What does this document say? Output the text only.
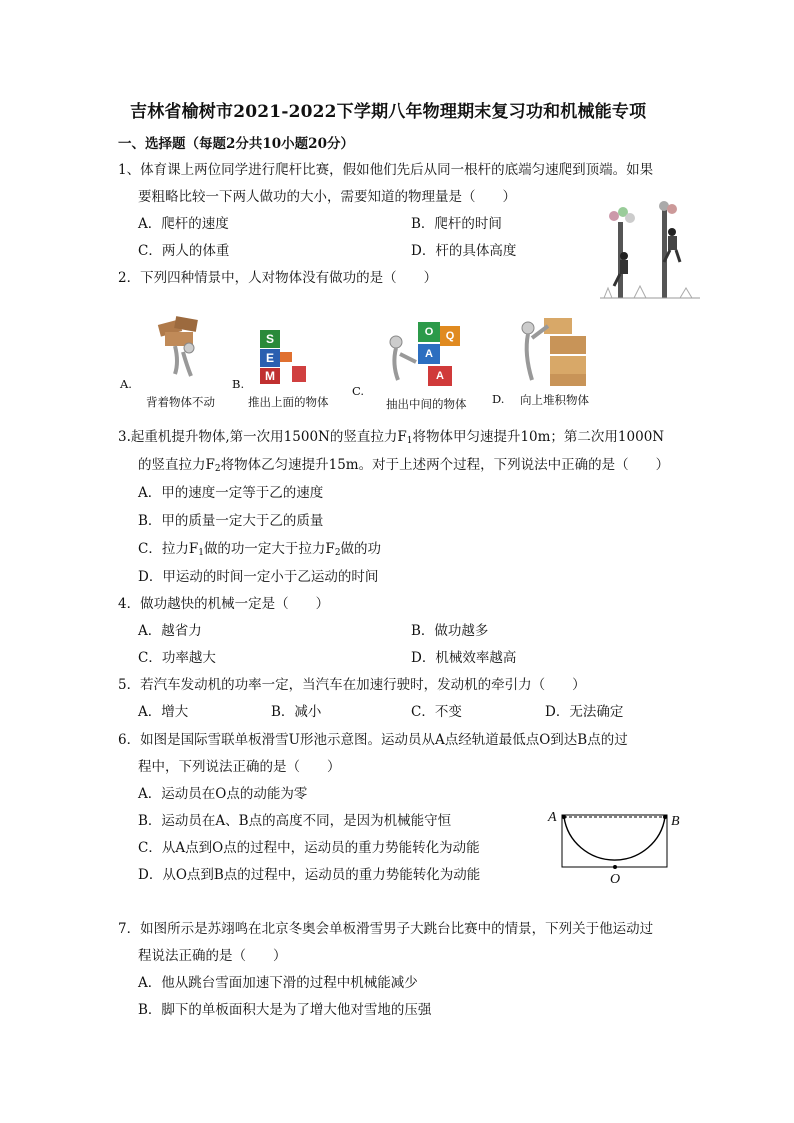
吉林省榆树市2021-2022下学期八年物理期末复习功和机械能专项
一、选择题（每题2分共10小题20分）
1、体育课上两位同学进行爬杆比赛，假如他们先后从同一根杆的底端匀速爬到顶端。如果
要粗略比较一下两人做功的大小，需要知道的物理量是（　　）
A．爬杆的速度	B．爬杆的时间
C．两人的体重	D．杆的具体高度
2．下列四种情景中，人对物体没有做功的是（　　）
A.
背着物体不动
B.
S
E
M
推出上面的物体
C.
O	Q
A
A
抽出中间的物体 D. 向上堆积物体
3.起重机提升物体,第一次用1500N的竖直拉力$F_1$将物体甲匀速提升10m；第二次用1000N
的竖直拉力$F_2$将物体乙匀速提升15m。对于上述两个过程，下列说法中正确的是（　　）
A．甲的速度一定等于乙的速度
B．甲的质量一定大于乙的质量
C．拉力$F_1$做的功一定大于拉力$F_2$做的功
D．甲运动的时间一定小于乙运动的时间
4．做功越快的机械一定是（　　）
A．越省力	B．做功越多
C．功率越大	D．机械效率越高
5．若汽车发动机的功率一定，当汽车在加速行驶时，发动机的牵引力（　　）
A．增大	B．减小	C．不变	D．无法确定
6．如图是国际雪联单板滑雪U形池示意图。运动员从A点经轨道最低点O到达B点的过
程中，下列说法正确的是（　　）
A．运动员在O点的动能为零
B．运动员在A、B点的高度不同，是因为机械能守恒
C．从A点到O点的过程中，运动员的重力势能转化为动能
D．从O点到B点的过程中，运动员的重力势能转化为动能
A	B
O
7．如图所示是苏翊鸣在北京冬奥会单板滑雪男子大跳台比赛中的情景，下列关于他运动过
程说法正确的是（　　）
A．他从跳台雪面加速下滑的过程中机械能减少
B．脚下的单板面积大是为了增大他对雪地的压强
